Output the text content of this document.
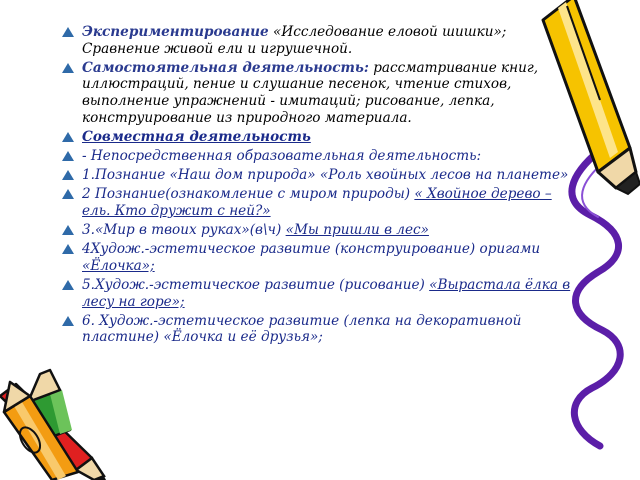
Экспериментирование «Исследование еловой шишки»; Сравнение живой ели и игрушечной.
Самостоятельная деятельность: рассматривание книг, иллюстраций, пение и слушание песенок, чтение стихов, выполнение упражнений - имитаций; рисование, лепка, конструирование из природного материала.
Совместная деятельность
- Непосредственная образовательная деятельность:
1.Познание «Наш дом природа» «Роль хвойных лесов на планете»
2 Познание(ознакомление с миром природы) « Хвойное дерево – ель. Кто дружит с ней?»
3.«Мир в твоих руках»(в\ч) «Мы пришли в лес»
4Худож.-эстетическое развитие (конструирование) оригами «Ёлочка»;
5.Худож.-эстетическое развитие (рисование) «Вырастала ёлка в лесу на горе»;
6. Худож.-эстетическое развитие (лепка на декоративной пластине) «Ёлочка и её друзья»;
